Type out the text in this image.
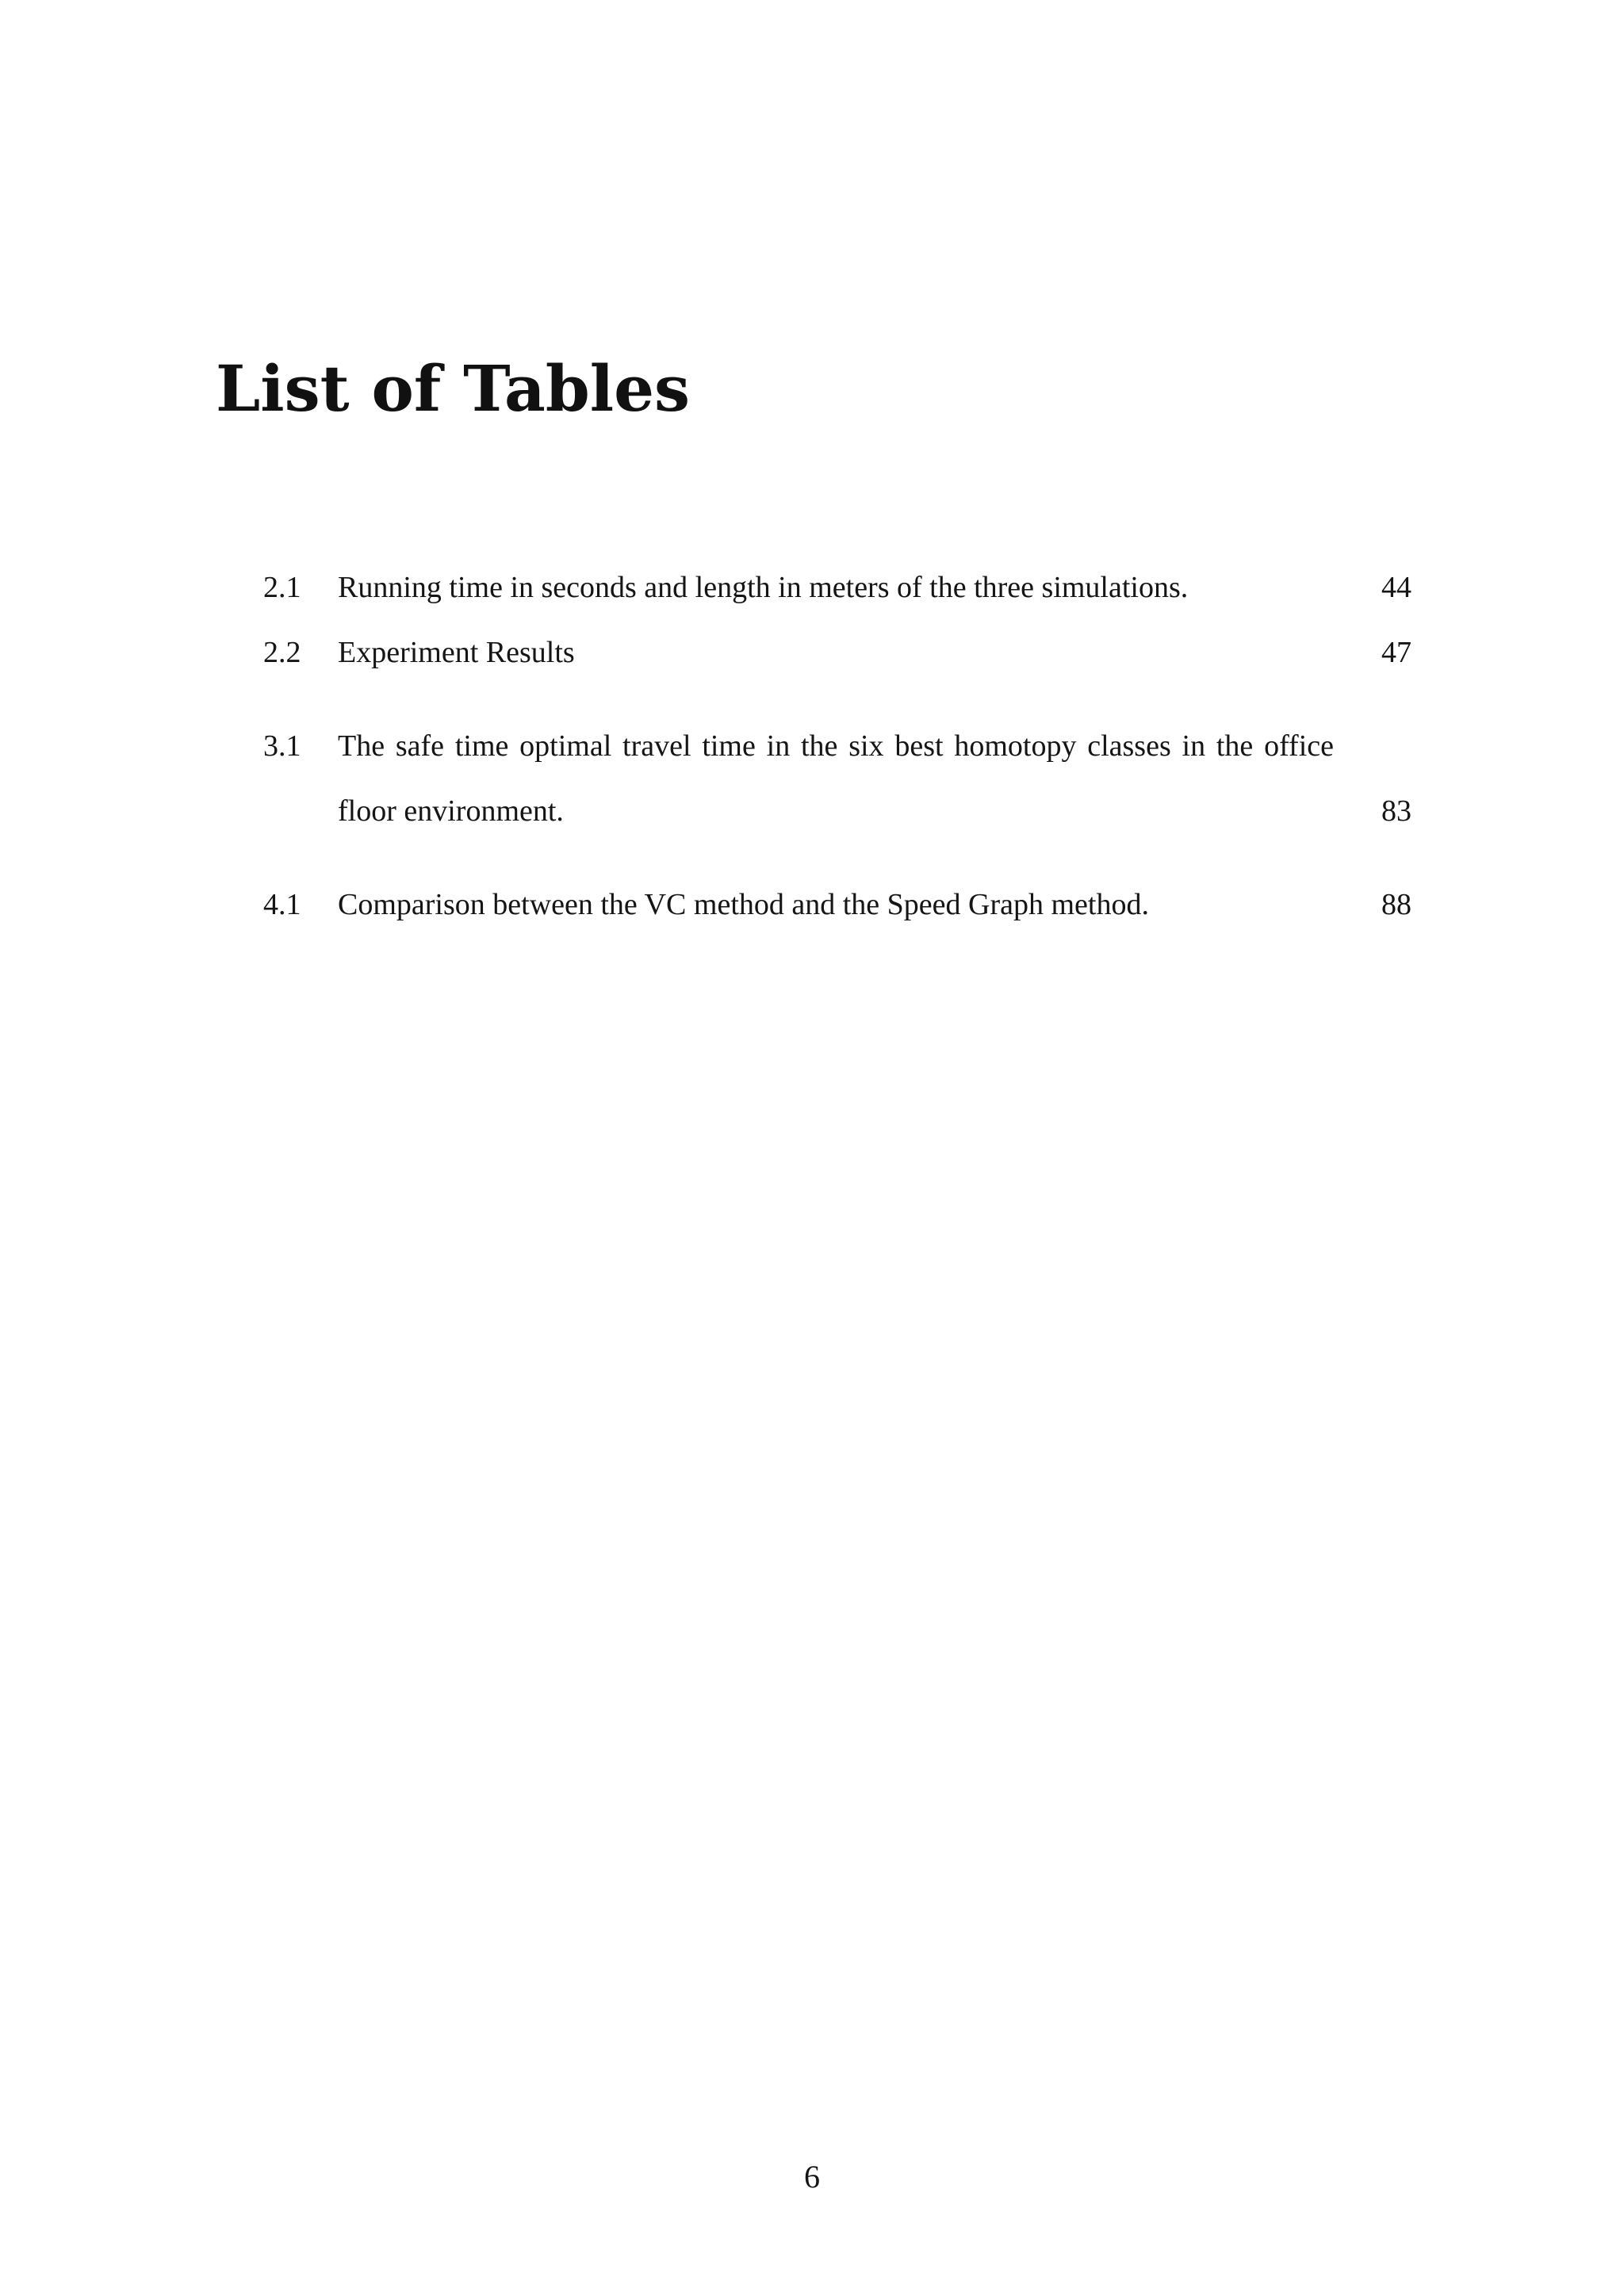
List of Tables
2.1 Running time in seconds and length in meters of the three simulations.	44
2.2 Experiment Results	47
3.1 The safe time optimal travel time in the six best homotopy classes in the office floor environment.	83
4.1 Comparison between the VC method and the Speed Graph method.	88
6
